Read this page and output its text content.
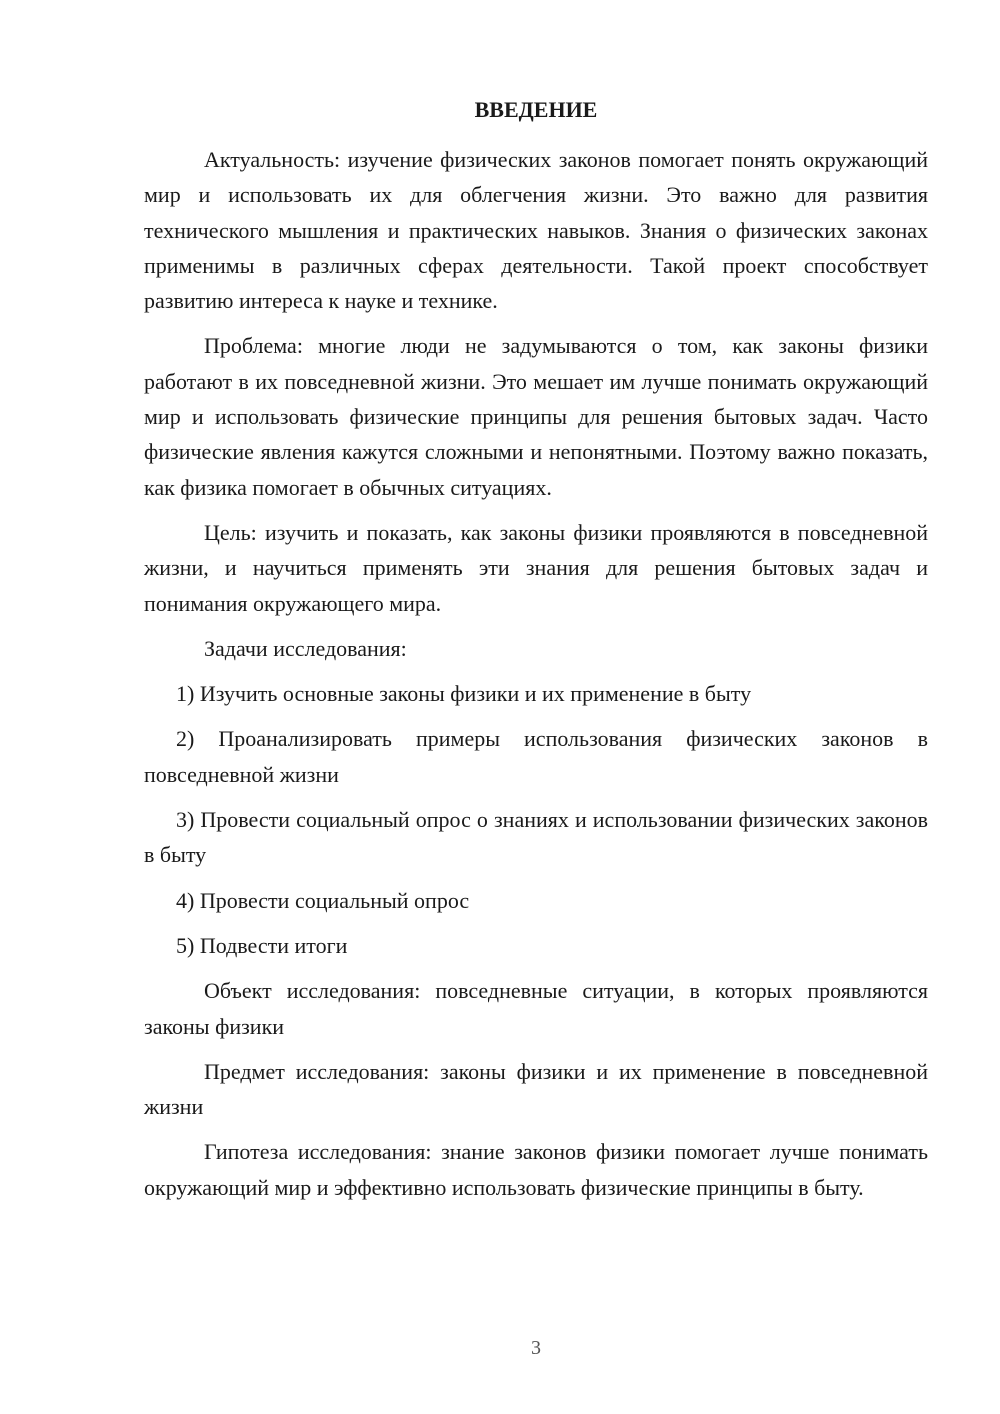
ВВЕДЕНИЕ

Актуальность: изучение физических законов помогает понять окружающий мир и использовать их для облегчения жизни. Это важно для развития технического мышления и практических навыков. Знания о физических законах применимы в различных сферах деятельности. Такой проект способствует развитию интереса к науке и технике.

Проблема: многие люди не задумываются о том, как законы физики работают в их повседневной жизни. Это мешает им лучше понимать окружающий мир и использовать физические принципы для решения бытовых задач. Часто физические явления кажутся сложными и непонятными. Поэтому важно показать, как физика помогает в обычных ситуациях.

Цель: изучить и показать, как законы физики проявляются в повседневной жизни, и научиться применять эти знания для решения бытовых задач и понимания окружающего мира.

Задачи исследования:

1) Изучить основные законы физики и их применение в быту

2) Проанализировать примеры использования физических законов в повседневной жизни

3) Провести социальный опрос о знаниях и использовании физических законов в быту

4) Провести социальный опрос

5) Подвести итоги

Объект исследования: повседневные ситуации, в которых проявляются законы физики

Предмет исследования: законы физики и их применение в повседневной жизни

Гипотеза исследования: знание законов физики помогает лучше понимать окружающий мир и эффективно использовать физические принципы в быту.

3
